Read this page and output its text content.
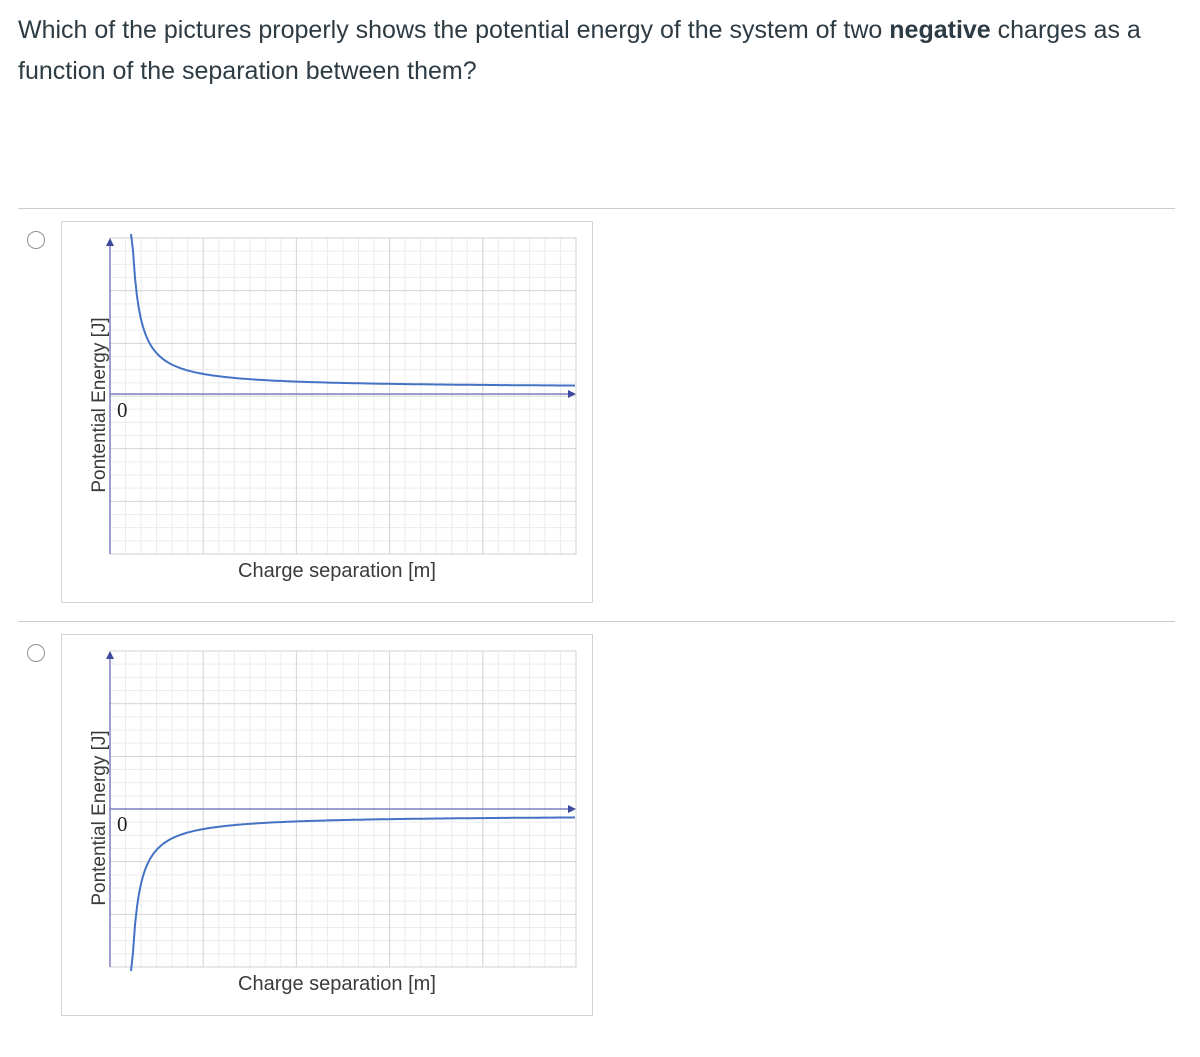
Which of the pictures properly shows the potential energy of the system of two negative charges as a function of the separation between them?
Pontential Energy [J] 0
Charge separation [m]
Pontential Energy [J] 0
Charge separation [m]
